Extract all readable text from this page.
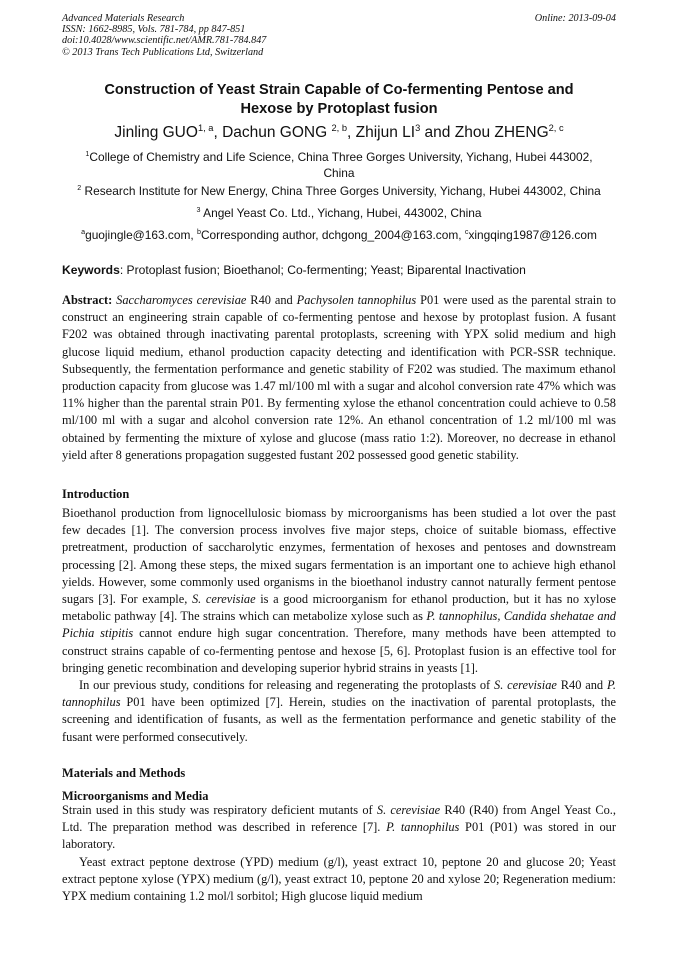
Advanced Materials Research
ISSN: 1662-8985, Vols. 781-784, pp 847-851
doi:10.4028/www.scientific.net/AMR.781-784.847
© 2013 Trans Tech Publications Ltd, Switzerland
Online: 2013-09-04
Construction of Yeast Strain Capable of Co-fermenting Pentose and
Hexose by Protoplast fusion
Jinling GUO$^{1, a}$, Dachun GONG $^{2, b}$, Zhijun $LI^3$ and Zhou ZHENG$^{2, c}$
$^1$College of Chemistry and Life Science, China Three Gorges University, Yichang, Hubei 443002,
China
$^2$ Research Institute for New Energy, China Three Gorges University, Yichang, Hubei 443002, China
$^3$ Angel Yeast Co. Ltd., Yichang, Hubei, 443002, China
$^a$guojingle@163.com, $^b$Corresponding author, dchgong_2004@163.com, $^c$xingqing1987@126.com
Keywords: Protoplast fusion; Bioethanol; Co-fermenting; Yeast; Biparental Inactivation

Abstract: Saccharomyces cerevisiae R40 and Pachysolen tannophilus P01 were used as the parental strain to construct an engineering strain capable of co-fermenting pentose and hexose by protoplast fusion. A fusant F202 was obtained through inactivating parental protoplasts, screening with YPX solid medium and high glucose liquid medium, ethanol production capacity detecting and identification with PCR-SSR technique. Subsequently, the fermentation performance and genetic stability of F202 was studied. The maximum ethanol production capacity from glucose was 1.47 ml/100 ml with a sugar and alcohol conversion rate 47% which was 11% higher than the parental strain P01. By fermenting xylose the ethanol concentration could achieve to 0.58 ml/100 ml with a sugar and alcohol conversion rate 12%. An ethanol concentration of 1.2 ml/100 ml was obtained by fermenting the mixture of xylose and glucose (mass ratio 1:2). Moreover, no decrease in ethanol yield after 8 generations propagation suggested fustant 202 possessed good genetic stability.

Introduction

Bioethanol production from lignocellulosic biomass by microorganisms has been studied a lot over the past few decades [1]. The conversion process involves five major steps, choice of suitable biomass, effective pretreatment, production of saccharolytic enzymes, fermentation of hexoses and pentoses and downstream processing [2]. Among these steps, the mixed sugars fermentation is an important one to achieve high ethanol yields. However, some commonly used organisms in the bioethanol industry cannot naturally ferment pentose sugars [3]. For example, S. cerevisiae is a good microorganism for ethanol production, but it has no xylose metabolic pathway [4]. The strains which can metabolize xylose such as P. tannophilus, Candida shehatae and Pichia stipitis cannot endure high sugar concentration. Therefore, many methods have been attempted to construct strains capable of co-fermenting pentose and hexose [5, 6]. Protoplast fusion is an effective tool for bringing genetic recombination and developing superior hybrid strains in yeasts [1].

In our previous study, conditions for releasing and regenerating the protoplasts of S. cerevisiae R40 and P. tannophilus P01 have been optimized [7]. Herein, studies on the inactivation of parental protoplasts, the screening and identification of fusants, as well as the fermentation performance and genetic stability of the fusant were performed consecutively.

Materials and Methods
Microorganisms and Media

Strain used in this study was respiratory deficient mutants of S. cerevisiae R40 (R40) from Angel Yeast Co., Ltd. The preparation method was described in reference [7]. P. tannophilus P01 (P01) was stored in our laboratory.

Yeast extract peptone dextrose (YPD) medium (g/l), yeast extract 10, peptone 20 and glucose 20; Yeast extract peptone xylose (YPX) medium (g/l), yeast extract 10, peptone 20 and xylose 20; Regeneration medium: YPX medium containing 1.2 mol/l sorbitol; High glucose liquid medium
